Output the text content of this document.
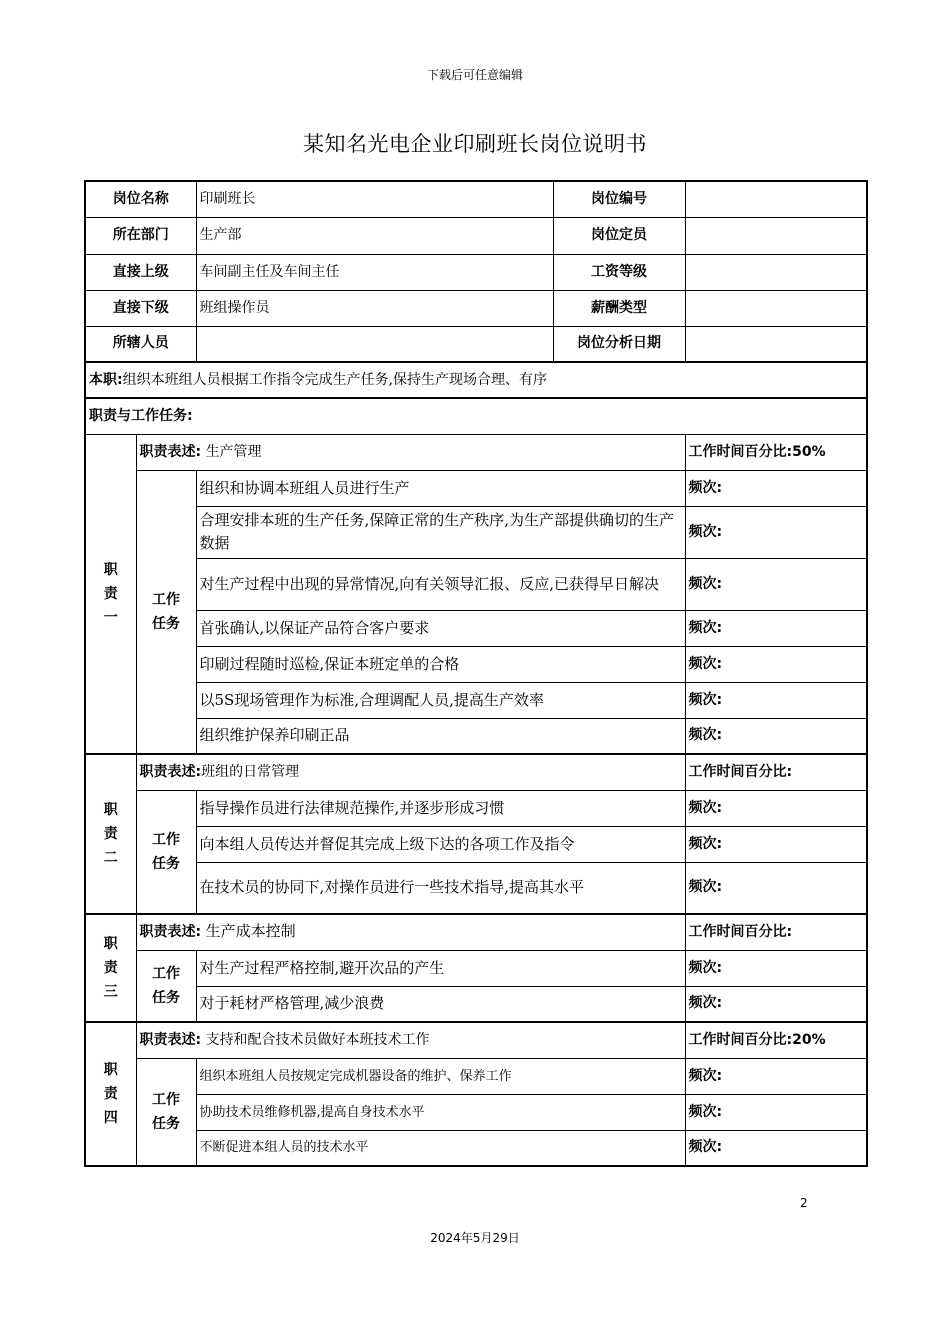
下载后可任意编辑
某知名光电企业印刷班长岗位说明书
岗位名称		印刷班长	岗位编号	
所在部门		生产部	岗位定员	
直接上级		车间副主任及车间主任	工资等级	
直接下级		班组操作员	薪酬类型	
所辖人员			岗位分析日期	
本职:组织本班组人员根据工作指令完成生产任务,保持生产现场合理、有序				
职责与工作任务:				
职责一	职责表述: 生产管理			工作时间百分比:50%
	工作任务	组织和协调本班组人员进行生产		频次:
		合理安排本班的生产任务,保障正常的生产秩序,为生产部提供确切的生产数据		频次:
		对生产过程中出现的异常情况,向有关领导汇报、反应,已获得早日解决		频次:
		首张确认,以保证产品符合客户要求		频次:
		印刷过程随时巡检,保证本班定单的合格		频次:
		以5S现场管理作为标准,合理调配人员,提高生产效率		频次:
		组织维护保养印刷正品		频次:
职责二	职责表述:班组的日常管理			工作时间百分比:
	工作任务	指导操作员进行法律规范操作,并逐步形成习惯		频次:
		向本组人员传达并督促其完成上级下达的各项工作及指令		频次:
		在技术员的协同下,对操作员进行一些技术指导,提高其水平		频次:
职责三	职责表述: 生产成本控制			工作时间百分比:
	工作任务	对生产过程严格控制,避开次品的产生		频次:
		对于耗材严格管理,减少浪费		频次:
职责四	职责表述: 支持和配合技术员做好本班技术工作			工作时间百分比:20%
	工作任务	组织本班组人员按规定完成机器设备的维护、保养工作		频次:
		协助技术员维修机器,提高自身技术水平		频次:
		不断促进本组人员的技术水平		频次:
2
2024年5月29日
